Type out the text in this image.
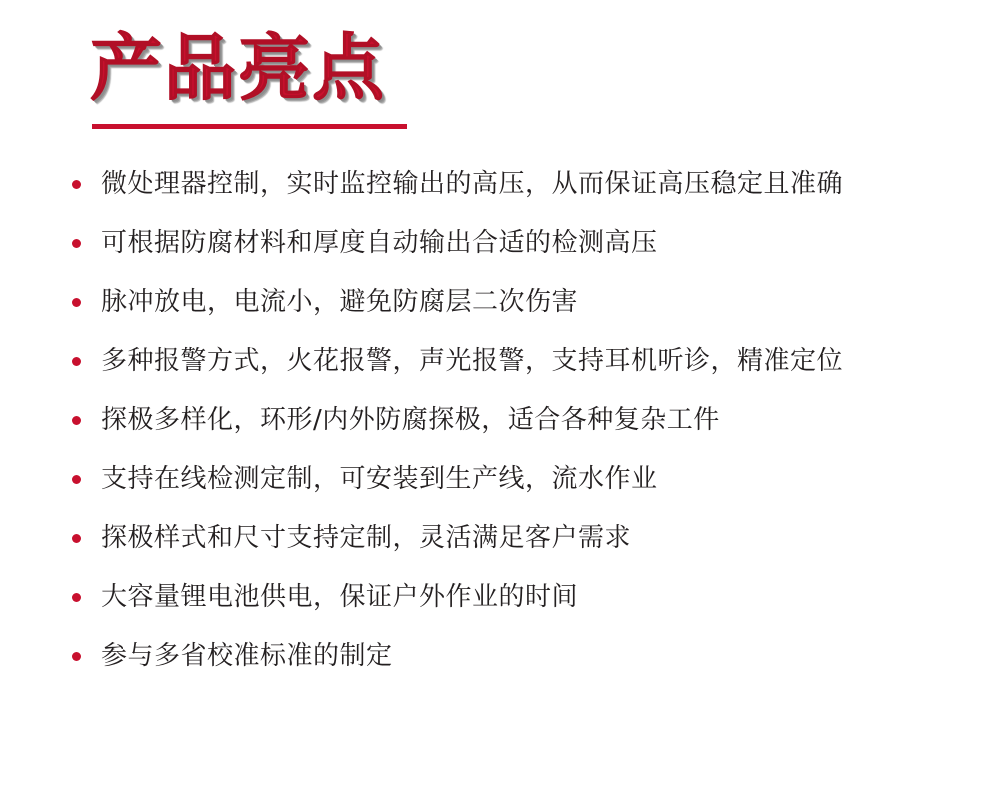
产品亮点
微处理器控制，实时监控输出的高压，从而保证高压稳定且准确
可根据防腐材料和厚度自动输出合适的检测高压
脉冲放电，电流小，避免防腐层二次伤害
多种报警方式，火花报警，声光报警，支持耳机听诊，精准定位
探极多样化，环形/内外防腐探极，适合各种复杂工件
支持在线检测定制，可安装到生产线，流水作业
探极样式和尺寸支持定制，灵活满足客户需求
大容量锂电池供电，保证户外作业的时间
参与多省校准标准的制定
